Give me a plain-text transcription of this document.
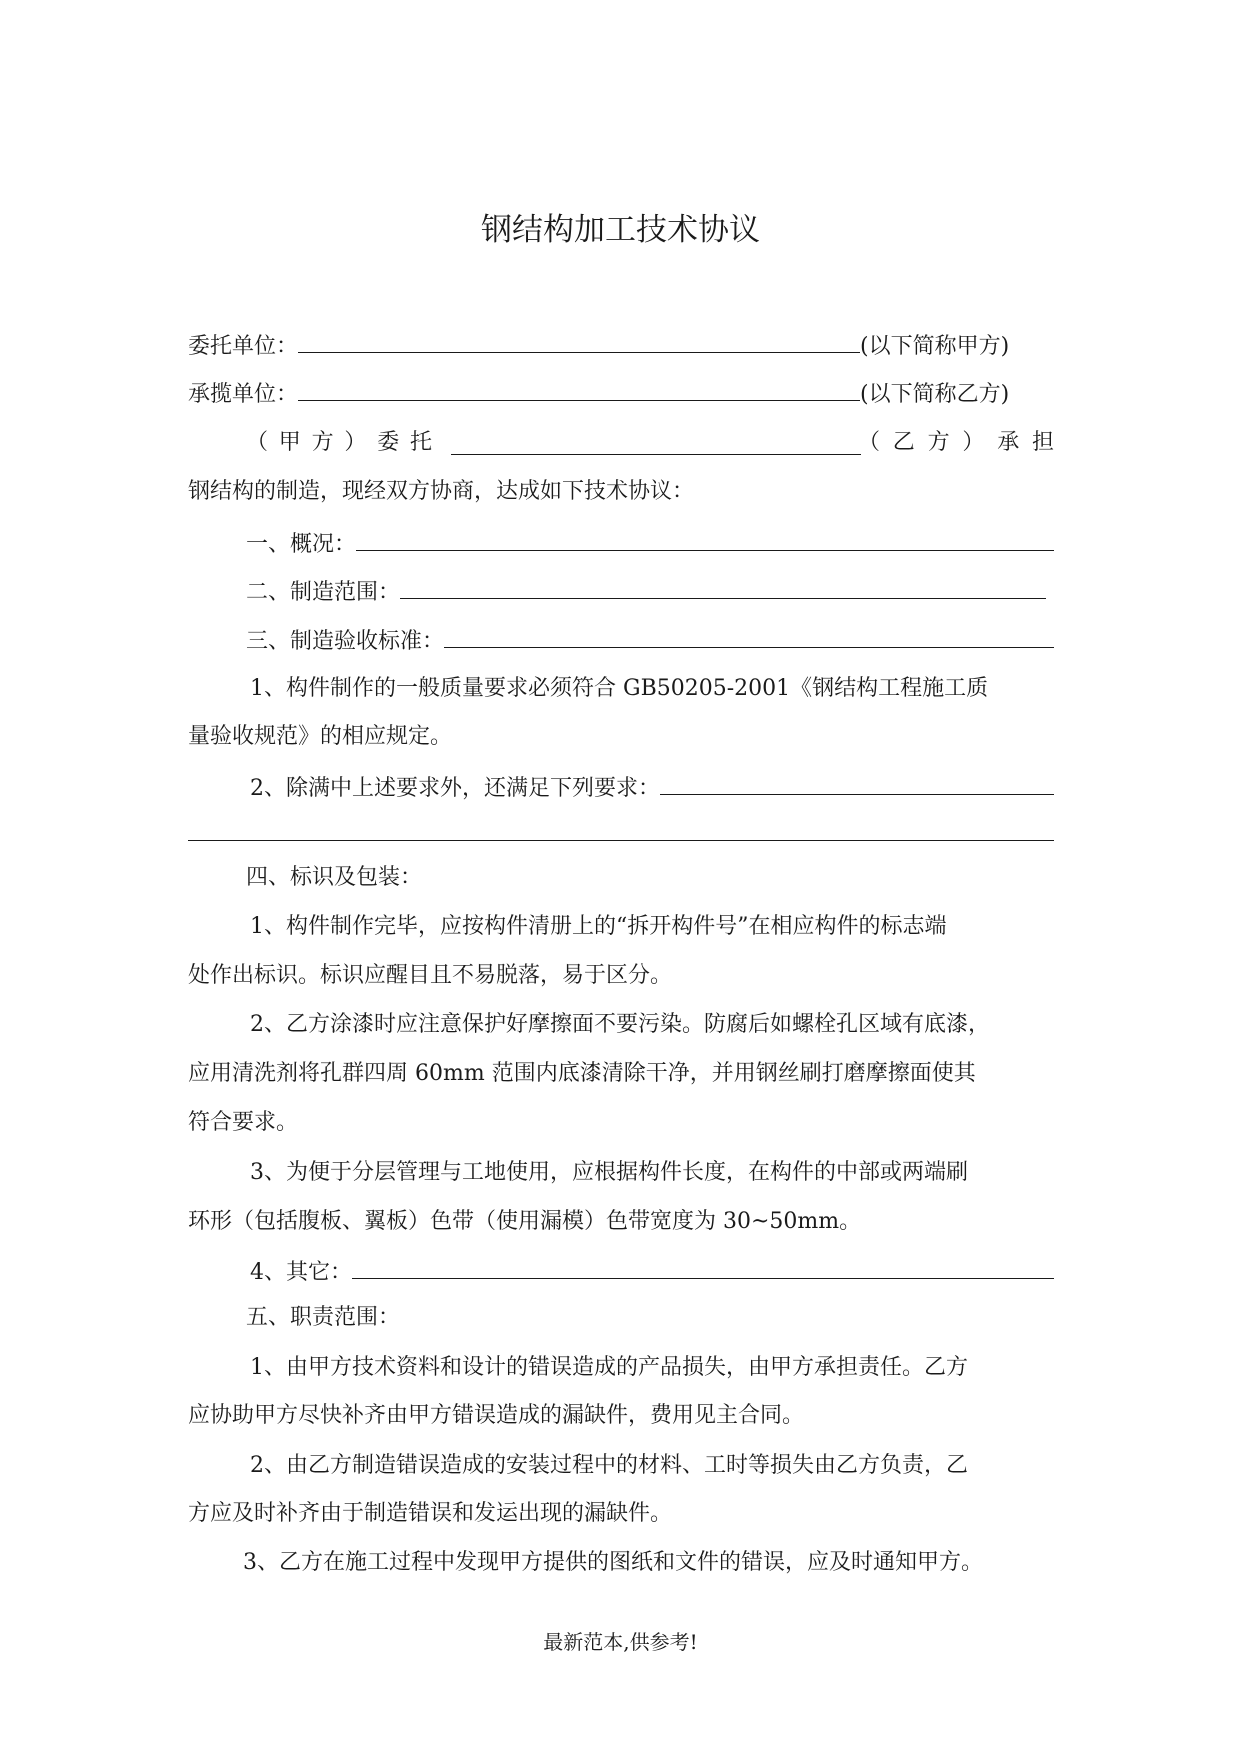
钢结构加工技术协议
委托单位：	(以下简称甲方)
承揽单位：	(以下简称乙方)
（ 甲 方 ） 委 托	（ 乙 方 ） 承 担
钢结构的制造，现经双方协商，达成如下技术协议：
一、概况：
二、制造范围：
三、制造验收标准：
1、构件制作的一般质量要求必须符合 GB50205-2001《钢结构工程施工质
量验收规范》的相应规定。
2、除满中上述要求外，还满足下列要求：
四、标识及包装：
1、构件制作完毕，应按构件清册上的“拆开构件号”在相应构件的标志端
处作出标识。标识应醒目且不易脱落，易于区分。
2、乙方涂漆时应注意保护好摩擦面不要污染。防腐后如螺栓孔区域有底漆，
应用清洗剂将孔群四周 60mm 范围内底漆清除干净，并用钢丝刷打磨摩擦面使其
符合要求。
3、为便于分层管理与工地使用，应根据构件长度，在构件的中部或两端刷
环形（包括腹板、翼板）色带（使用漏模）色带宽度为 30~50mm。
4、其它：
五、职责范围：
1、由甲方技术资料和设计的错误造成的产品损失，由甲方承担责任。乙方
应协助甲方尽快补齐由甲方错误造成的漏缺件，费用见主合同。
2、由乙方制造错误造成的安装过程中的材料、工时等损失由乙方负责，乙
方应及时补齐由于制造错误和发运出现的漏缺件。
3、乙方在施工过程中发现甲方提供的图纸和文件的错误，应及时通知甲方。
最新范本,供参考!
